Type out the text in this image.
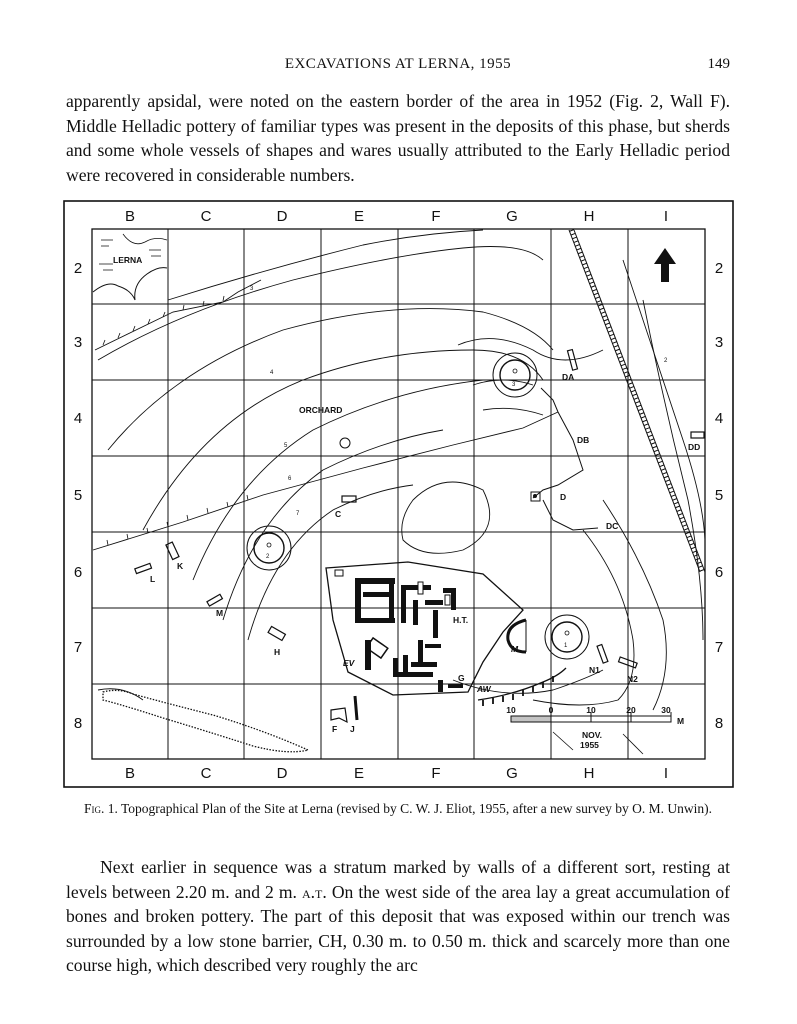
EXCAVATIONS AT LERNA, 1955	149

apparently apsidal, were noted on the eastern border of the area in 1952 (Fig. 2, Wall F). Middle Helladic pottery of familiar types was present in the deposits of this phase, but sherds and some whole vessels of shapes and wares usually attributed to the Early Helladic period were recovered in considerable numbers.

B	C	D	E	F	G	H	I
B	C	D	E	F	G	H	I
2
3
4
5
6
7
8
2
3
4
5
6
7
8
LERNA
3
4
5
6
7
2
3
2
1
H.T.
EV
G
M
AW
D
C
K
L
M
H
DA
DB
DC
DD
N1
N2
F J
ORCHARD
10	0	10	20	30
M
NOV.
1955
Fig. 1. Topographical Plan of the Site at Lerna (revised by C. W. J. Eliot, 1955, after a new survey by O. M. Unwin).

Next earlier in sequence was a stratum marked by walls of a different sort, resting at levels between 2.20 m. and 2 m. a.t. On the west side of the area lay a great accumulation of bones and broken pottery. The part of this deposit that was exposed within our trench was surrounded by a low stone barrier, CH, 0.30 m. to 0.50 m. thick and scarcely more than one course high, which described very roughly the arc
